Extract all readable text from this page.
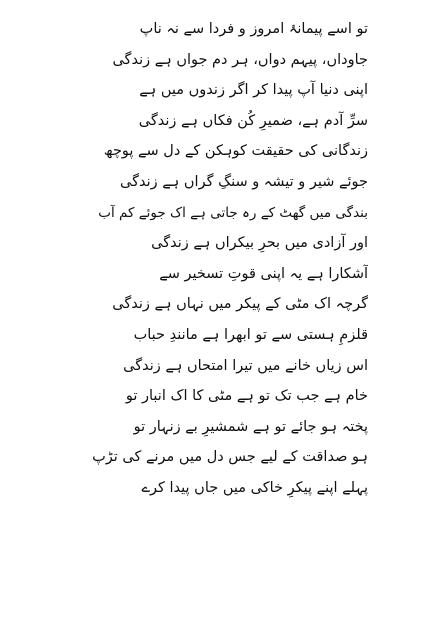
تو اسے پیمانۂ امروز و فردا سے نہ ناپ
جاوداں، پیہم دواں، ہر دم جواں ہے زندگی
اپنی دنیا آپ پیدا کر اگر زندوں میں ہے
سرِّ آدم ہے، ضمیرِ کُن فکاں ہے زندگی
زندگانی کی حقیقت کوہکن کے دل سے پوچھ
جوئے شیر و تیشہ و سنگِ گراں ہے زندگی
بندگی میں گھٹ کے رہ جاتی ہے اک جوئے کم آب
اور آزادی میں بحرِ بیکراں ہے زندگی
آشکارا ہے یہ اپنی قوتِ تسخیر سے
گرچہ اک مٹی کے پیکر میں نہاں ہے زندگی
قلزمِ ہستی سے تو ابھرا ہے مانندِ حباب
اس زیاں خانے میں تیرا امتحاں ہے زندگی
خام ہے جب تک تو ہے مٹی کا اک انبار تو
پختہ ہو جائے تو ہے شمشیرِ بے زنہار تو
ہو صداقت کے لیے جس دل میں مرنے کی تڑپ
پہلے اپنے پیکرِ خاکی میں جاں پیدا کرے
